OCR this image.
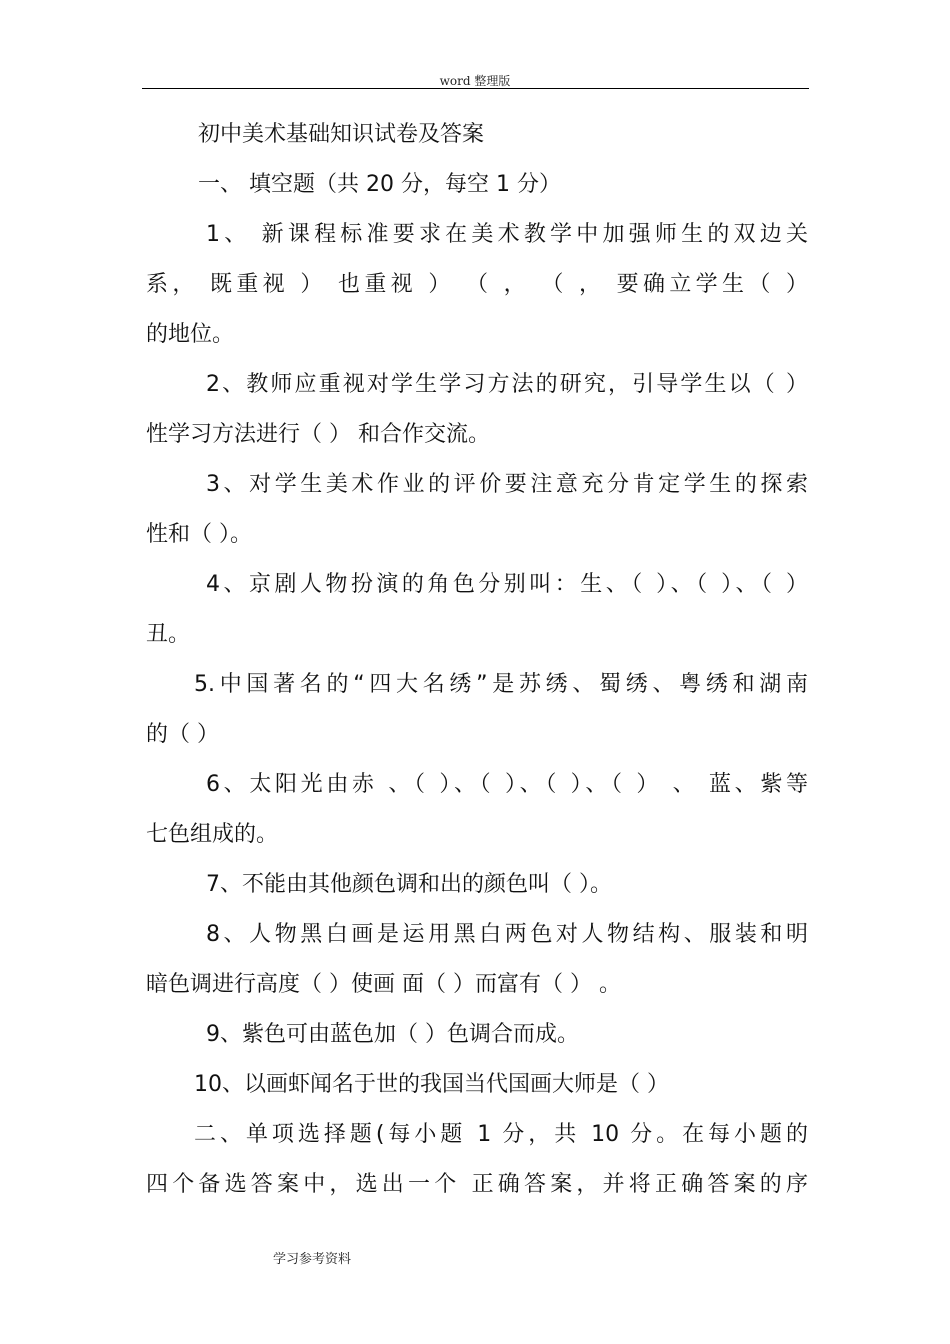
word 整理版
初中美术基础知识试卷及答案
一、 填空题（共 20 分，每空 1 分）
1、 新课程标准要求在美术教学中加强师生的双边关
系， 既重视 ） 也重视 ） （ ， （ ， 要确立学生（ ）
的地位。
2、教师应重视对学生学习方法的研究，引导学生以（ ）
性学习方法进行（ ） 和合作交流。
3、对学生美术作业的评价要注意充分肯定学生的探索
性和（ ）。
4、京剧人物扮演的角色分别叫：生、（ ）、（ ）、（ ）
丑。
5.中国著名的“四大名绣”是苏绣、蜀绣、粤绣和湖南
的（ ）
6、太阳光由赤 、（ ）、（ ）、（ ）、（ ） 、 蓝、紫等
七色组成的。
7、不能由其他颜色调和出的颜色叫（ ）。
8、人物黑白画是运用黑白两色对人物结构、服装和明
暗色调进行高度（ ）使画 面（ ）而富有（ ） 。
9、紫色可由蓝色加（ ）色调合而成。
10、以画虾闻名于世的我国当代国画大师是（ ）
二、单项选择题(每小题 1 分，共 10 分。在每小题的
四个备选答案中，选出一个 正确答案，并将正确答案的序
学习参考资料
